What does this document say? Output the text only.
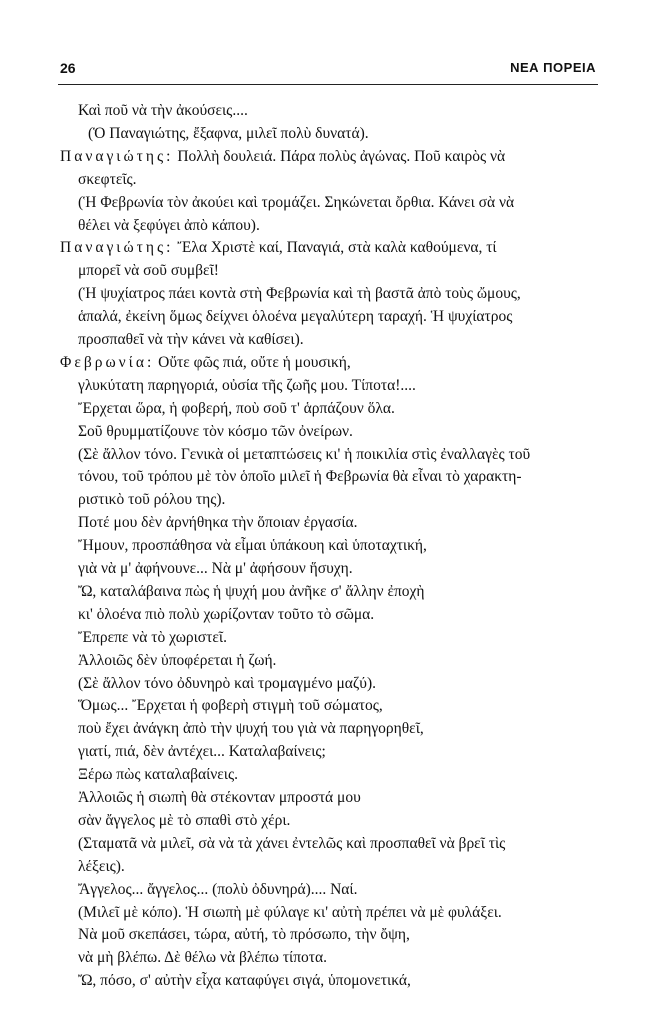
26	ΝΕΑ ΠΟΡΕΙΑ
Καὶ ποῦ νὰ τὴν ἀκούσεις....
(Ὁ Παναγιώτης, ἔξαφνα, μιλεῖ πολὺ δυνατά).
Παναγιώτης: Πολλὴ δουλειά. Πάρα πολὺς ἀγώνας. Ποῦ καιρὸς νὰ
σκεφτεῖς.
(Ἡ Φεβρωνία τὸν ἀκούει καὶ τρομάζει. Σηκώνεται ὄρθια. Κάνει σὰ νὰ
θέλει νὰ ξεφύγει ἀπὸ κάπου).
Παναγιώτης: Ἔλα Χριστὲ καί, Παναγιά, στὰ καλὰ καθούμενα, τί
μπορεῖ νὰ σοῦ συμβεῖ!
(Ἡ ψυχίατρος πάει κοντὰ στὴ Φεβρωνία καὶ τὴ βαστᾶ ἀπὸ τοὺς ὤμους,
ἁπαλά, ἐκείνη ὅμως δείχνει ὁλοένα μεγαλύτερη ταραχή. Ἡ ψυχίατρος
προσπαθεῖ νὰ τὴν κάνει νὰ καθίσει).
Φεβρωνία: Οὔτε φῶς πιά, οὔτε ἡ μουσική,
γλυκύτατη παρηγοριά, οὐσία τῆς ζωῆς μου. Τίποτα!....
Ἔρχεται ὥρα, ἡ φοβερή, ποὺ σοῦ τ' ἁρπάζουν ὅλα.
Σοῦ θρυμματίζουνε τὸν κόσμο τῶν ὀνείρων.
(Σὲ ἄλλον τόνο. Γενικὰ οἱ μεταπτώσεις κι' ἡ ποικιλία στὶς ἐναλλαγὲς τοῦ
τόνου, τοῦ τρόπου μὲ τὸν ὁποῖο μιλεῖ ἡ Φεβρωνία θὰ εἶναι τὸ χαρακτη-
ριστικὸ τοῦ ρόλου της).
Ποτέ μου δὲν ἀρνήθηκα τὴν ὅποιαν ἐργασία.
Ἤμουν, προσπάθησα νὰ εἶμαι ὑπάκουη καὶ ὑποταχτική,
γιὰ νὰ μ' ἀφήνουνε... Νὰ μ' ἀφήσουν ἥσυχη.
Ὤ, καταλάβαινα πὼς ἡ ψυχή μου ἀνῆκε σ' ἄλλην ἐποχὴ
κι' ὁλοένα πιὸ πολὺ χωρίζονταν τοῦτο τὸ σῶμα.
Ἔπρεπε νὰ τὸ χωριστεῖ.
Ἀλλοιῶς δὲν ὑποφέρεται ἡ ζωή.
(Σὲ ἄλλον τόνο ὀδυνηρὸ καὶ τρομαγμένο μαζύ).
Ὅμως... Ἔρχεται ἡ φοβερὴ στιγμὴ τοῦ σώματος,
ποὺ ἔχει ἀνάγκη ἀπὸ τὴν ψυχή του γιὰ νὰ παρηγορηθεῖ,
γιατί, πιά, δὲν ἀντέχει... Καταλαβαίνεις;
Ξέρω πὼς καταλαβαίνεις.
Ἀλλοιῶς ἡ σιωπὴ θὰ στέκονταν μπροστά μου
σὰν ἄγγελος μὲ τὸ σπαθὶ στὸ χέρι.
(Σταματᾶ νὰ μιλεῖ, σὰ νὰ τὰ χάνει ἐντελῶς καὶ προσπαθεῖ νὰ βρεῖ τὶς
λέξεις).
Ἄγγελος... ἄγγελος... (πολὺ ὀδυνηρά).... Ναί.
(Μιλεῖ μὲ κόπο). Ἡ σιωπὴ μὲ φύλαγε κι' αὐτὴ πρέπει νὰ μὲ φυλάξει.
Νὰ μοῦ σκεπάσει, τώρα, αὐτή, τὸ πρόσωπο, τὴν ὄψη,
νὰ μὴ βλέπω. Δὲ θέλω νὰ βλέπω τίποτα.
Ὤ, πόσο, σ' αὐτὴν εἶχα καταφύγει σιγά, ὑπομονετικά,
